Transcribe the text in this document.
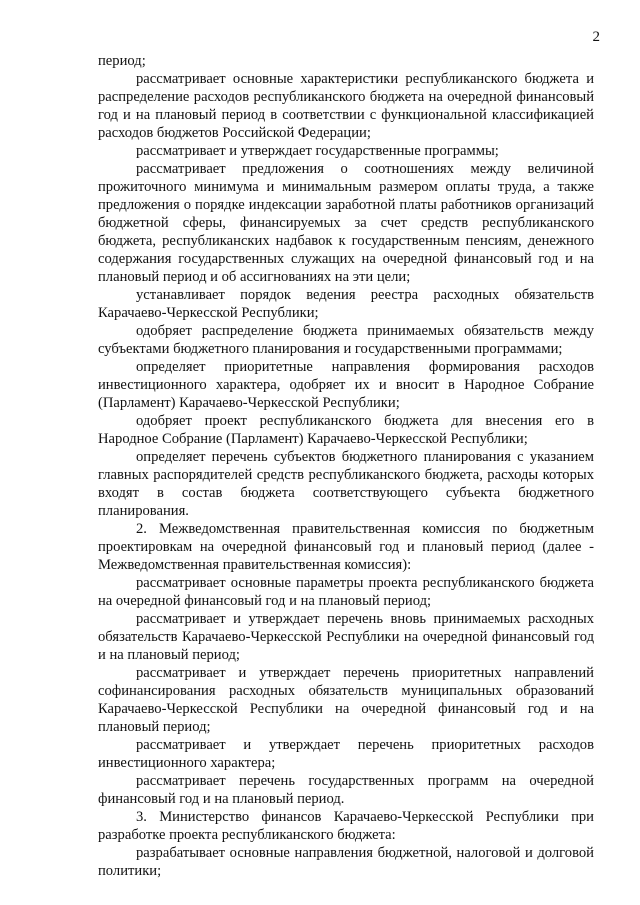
2

период;

рассматривает основные характеристики республиканского бюджета и распределение расходов республиканского бюджета на очередной финансовый год и на плановый период в соответствии с функциональной классификацией расходов бюджетов Российской Федерации;

рассматривает и утверждает государственные программы;

рассматривает предложения о соотношениях между величиной прожиточного минимума и минимальным размером оплаты труда, а также предложения о порядке индексации заработной платы работников организаций бюджетной сферы, финансируемых за счет средств республиканского бюджета, республиканских надбавок к государственным пенсиям, денежного содержания государственных служащих на очередной финансовый год и на плановый период и об ассигнованиях на эти цели;

устанавливает порядок ведения реестра расходных обязательств Карачаево-Черкесской Республики;

одобряет распределение бюджета принимаемых обязательств между субъектами бюджетного планирования и государственными программами;

определяет приоритетные направления формирования расходов инвестиционного характера, одобряет их и вносит в Народное Собрание (Парламент) Карачаево-Черкесской Республики;

одобряет проект республиканского бюджета для внесения его в Народное Собрание (Парламент) Карачаево-Черкесской Республики;

определяет перечень субъектов бюджетного планирования с указанием главных распорядителей средств республиканского бюджета, расходы которых входят в состав бюджета соответствующего субъекта бюджетного планирования.

2. Межведомственная правительственная комиссия по бюджетным проектировкам на очередной финансовый год и плановый период (далее - Межведомственная правительственная комиссия):

рассматривает основные параметры проекта республиканского бюджета на очередной финансовый год и на плановый период;

рассматривает и утверждает перечень вновь принимаемых расходных обязательств Карачаево-Черкесской Республики на очередной финансовый год и на плановый период;

рассматривает и утверждает перечень приоритетных направлений софинансирования расходных обязательств муниципальных образований Карачаево-Черкесской Республики на очередной финансовый год и на плановый период;

рассматривает и утверждает перечень приоритетных расходов инвестиционного характера;

рассматривает перечень государственных программ на очередной финансовый год и на плановый период.

3. Министерство финансов Карачаево-Черкесской Республики при разработке проекта республиканского бюджета:

разрабатывает основные направления бюджетной, налоговой и долговой политики;
